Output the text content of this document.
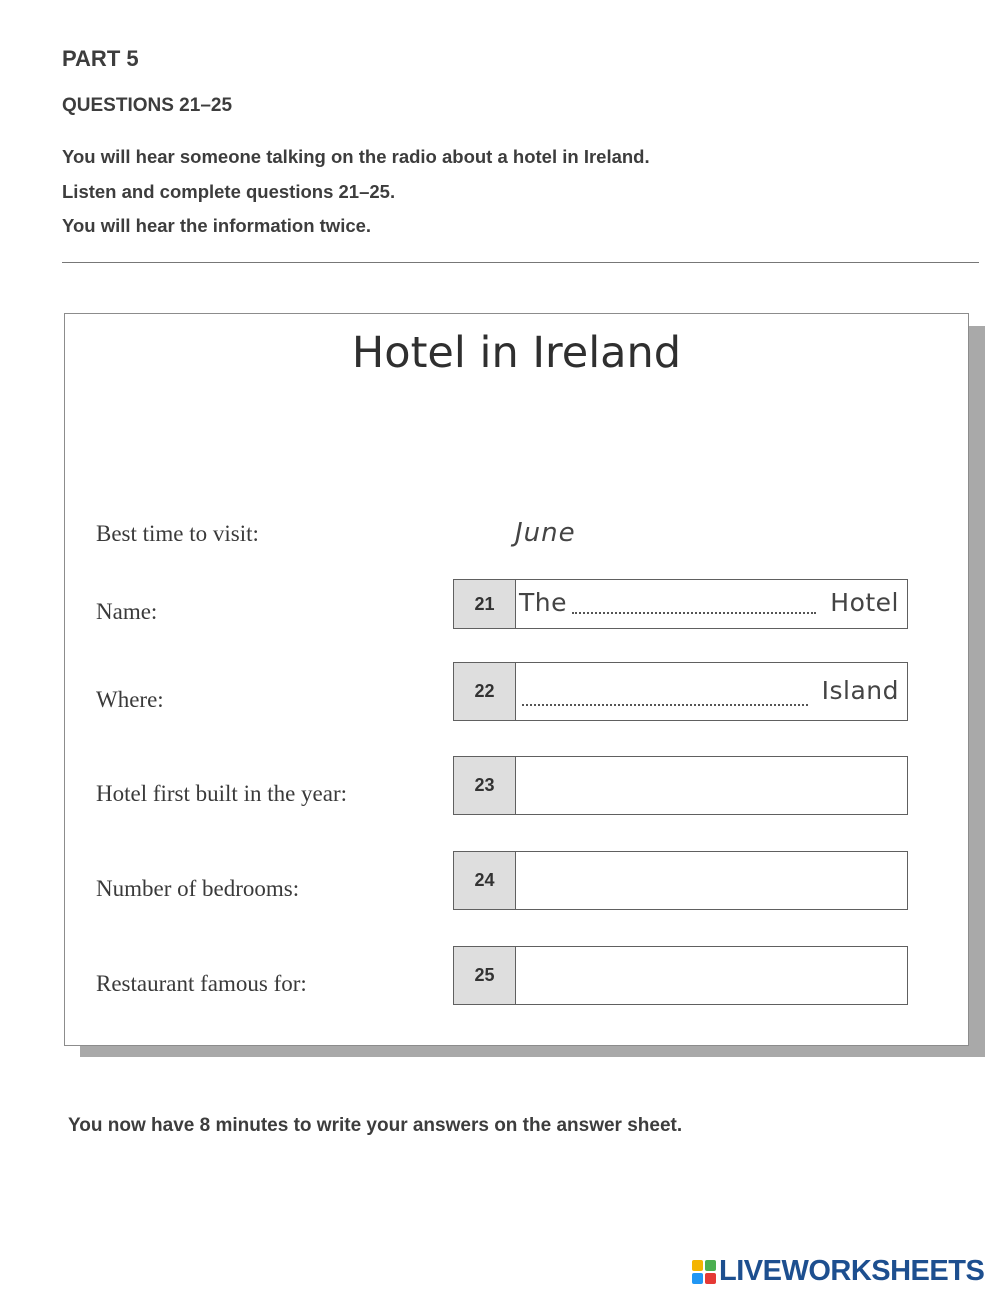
PART 5
QUESTIONS 21–25
You will hear someone talking on the radio about a hotel in Ireland.
Listen and complete questions 21–25.
You will hear the information twice.
Hotel in Ireland
Best time to visit:	June
Name:	21 The	Hotel
Where:	22	Island
Hotel first built in the year:	23
Number of bedrooms:	24
Restaurant famous for:	25
You now have 8 minutes to write your answers on the answer sheet.
LIVEWORKSHEETS
